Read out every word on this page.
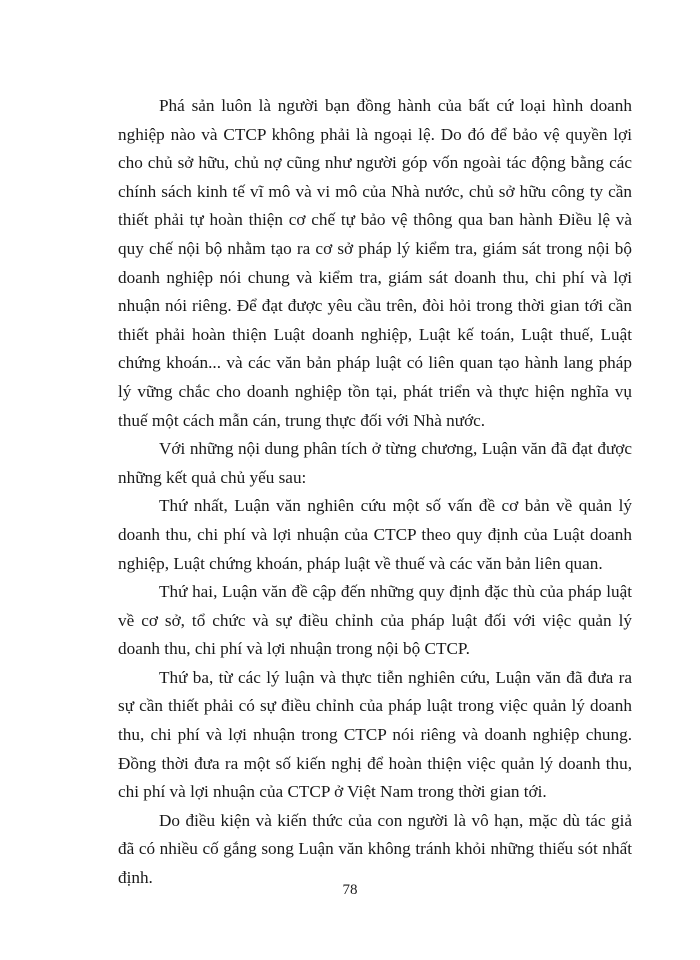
Phá sản luôn là người bạn đồng hành của bất cứ loại hình doanh nghiệp nào và CTCP không phải là ngoại lệ. Do đó để bảo vệ quyền lợi cho chủ sở hữu, chủ nợ cũng như người góp vốn ngoài tác động bằng các chính sách kinh tế vĩ mô và vi mô của Nhà nước, chủ sở hữu công ty cần thiết phải tự hoàn thiện cơ chế tự bảo vệ thông qua ban hành Điều lệ và quy chế nội bộ nhằm tạo ra cơ sở pháp lý kiểm tra, giám sát trong nội bộ doanh nghiệp nói chung và kiểm tra, giám sát doanh thu, chi phí và lợi nhuận nói riêng. Để đạt được yêu cầu trên, đòi hỏi trong thời gian tới cần thiết phải hoàn thiện Luật doanh nghiệp, Luật kế toán, Luật thuế, Luật chứng khoán... và các văn bản pháp luật có liên quan tạo hành lang pháp lý vững chắc cho doanh nghiệp tồn tại, phát triển và thực hiện nghĩa vụ thuế một cách mẫn cán, trung thực đối với Nhà nước.

Với những nội dung phân tích ở từng chương, Luận văn đã đạt được những kết quả chủ yếu sau:

Thứ nhất, Luận văn nghiên cứu một số vấn đề cơ bản về quản lý doanh thu, chi phí và lợi nhuận của CTCP theo quy định của Luật doanh nghiệp, Luật chứng khoán, pháp luật về thuế và các văn bản liên quan.

Thứ hai, Luận văn đề cập đến những quy định đặc thù của pháp luật về cơ sở, tổ chức và sự điều chỉnh của pháp luật đối với việc quản lý doanh thu, chi phí và lợi nhuận trong nội bộ CTCP.

Thứ ba, từ các lý luận và thực tiễn nghiên cứu, Luận văn đã đưa ra sự cần thiết phải có sự điều chỉnh của pháp luật trong việc quản lý doanh thu, chi phí và lợi nhuận trong CTCP nói riêng và doanh nghiệp chung. Đồng thời đưa ra một số kiến nghị để hoàn thiện việc quản lý doanh thu, chi phí và lợi nhuận của CTCP ở Việt Nam trong thời gian tới.

Do điều kiện và kiến thức của con người là vô hạn, mặc dù tác giả đã có nhiều cố gắng song Luận văn không tránh khỏi những thiếu sót nhất định.

78
